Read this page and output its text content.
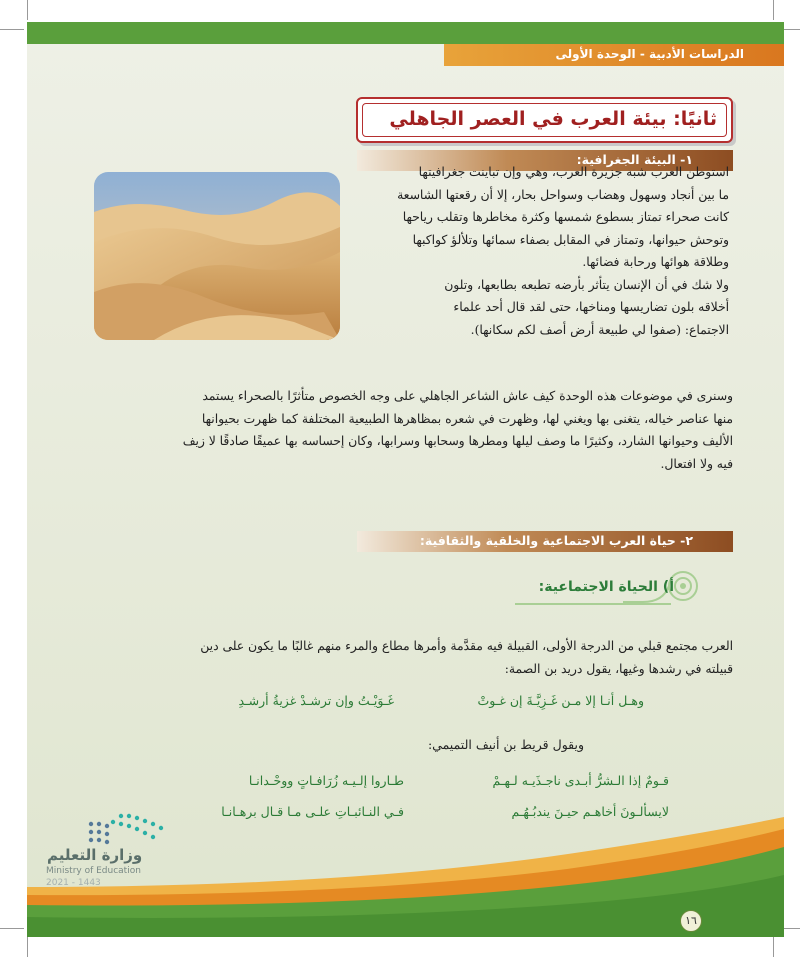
الدراسات الأدبية - الوحدة الأولى
ثانيًا: بيئة العرب في العصر الجاهلي
١- البيئة الجغرافية:
استوطن العرب شبه جزيرة العرب، وهي وإن تباينت جغرافيتها
ما بين أنجاد وسهول وهضاب وسواحل بحار، إلا أن رقعتها الشاسعة
كانت صحراء تمتاز بسطوع شمسها وكثرة مخاطرها وتقلب رياحها
وتوحش حيوانها، وتمتاز في المقابل بصفاء سمائها وتلألؤ كواكبها
وطلاقة هوائها ورحابة فضائها.
ولا شك في أن الإنسان يتأثر بأرضه تطبعه بطابعها، وتلون
أخلاقه بلون تضاريسها ومناخها، حتى لقد قال أحد علماء
الاجتماع: (صفوا لي طبيعة أرض أصف لكم سكانها).
وسنرى في موضوعات هذه الوحدة كيف عاش الشاعر الجاهلي على وجه الخصوص متأثرًا بالصحراء يستمد
منها عناصر خياله، يتغنى بها ويغني لها، وظهرت في شعره بمظاهرها الطبيعية المختلفة كما ظهرت بحيوانها
الأليف وحيوانها الشارد، وكثيرًا ما وصف ليلها ومطرها وسحابها وسرابها، وكان إحساسه بها عميقًا صادقًا لا زيف
فيه ولا افتعال.
٢- حياة العرب الاجتماعية والخلقية والثقافية:
أ) الحياة الاجتماعية:
العرب مجتمع قبلي من الدرجة الأولى، القبيلة فيه مقدَّمة وأمرها مطاع والمرء منهم غالبًا ما يكون على دين
قبيلته في رشدها وغيها، يقول دريد بن الصمة:
وهـل أنـا إلا مـن غَـزِيَّـةَ إن غـوتْ
غَـوَيْـتُ وإن ترشـدْ غزيةُ أرشـدِ
ويقول قريط بن أنيف التميمي:
قـومٌ إذا الـشرُّ أبـدى ناجـذَيـه لـهـمْ
طـاروا إلـيـه زُرَافـاتٍ ووحْـدانـا
لايسألـونَ أخاهـم حيـنَ يندبُـهُـم
فـي النـائبـاتِ علـى مـا قـال برهـانـا
وزارة التعليم
Ministry of Education
2021 - 1443
١٦
